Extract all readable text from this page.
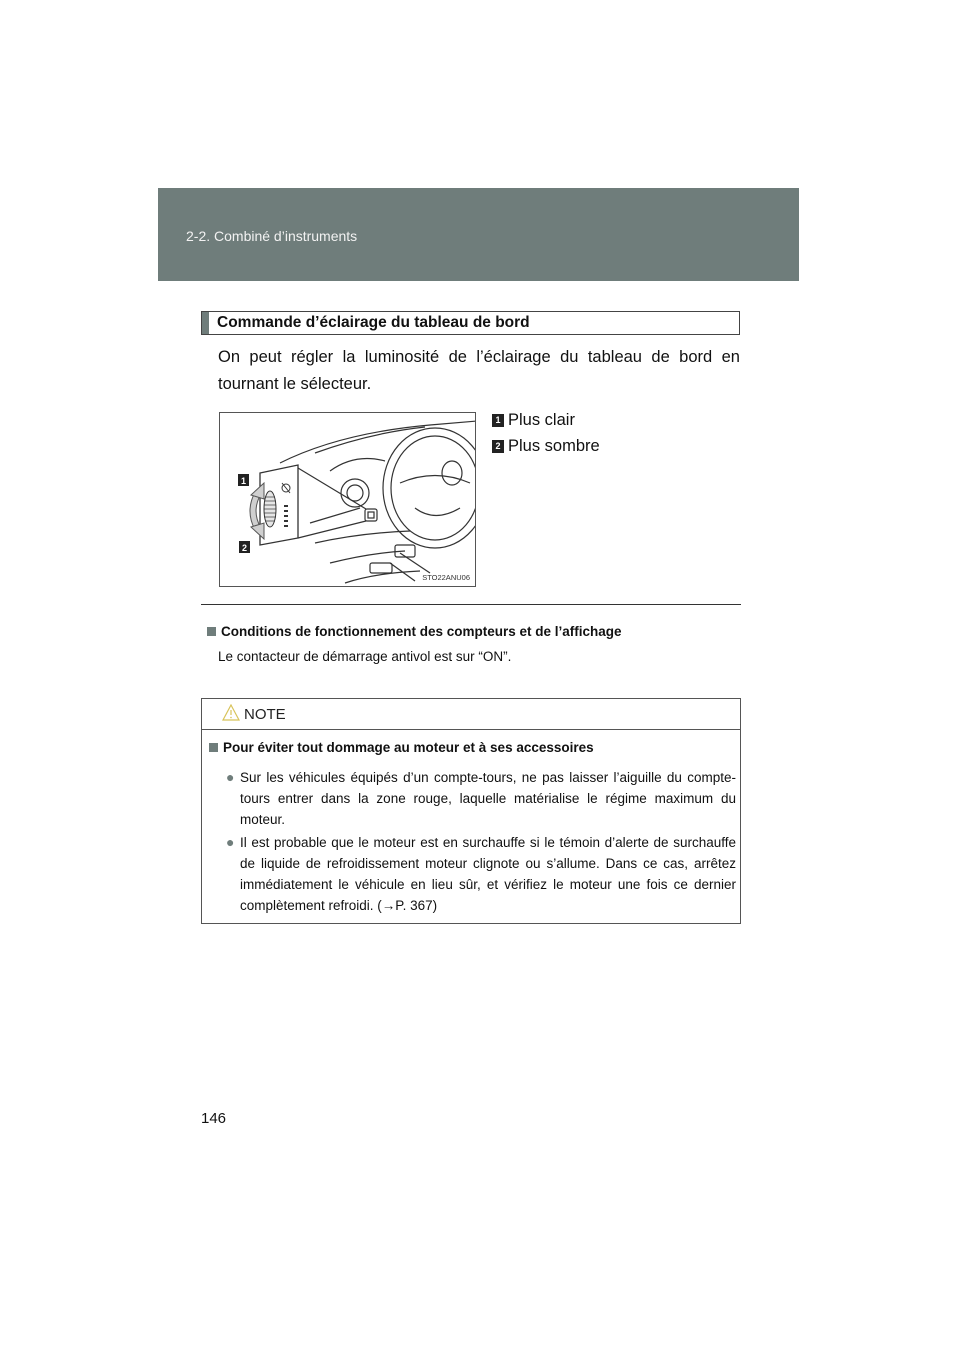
2-2. Combiné d’instruments
Commande d’éclairage du tableau de bord
On peut régler la luminosité de l’éclairage du tableau de bord en tournant le sélecteur.
1
2
STO22ANU06
1 Plus clair
2 Plus sombre
Conditions de fonctionnement des compteurs et de l’affichage
Le contacteur de démarrage antivol est sur “ON”.
NOTE
Pour éviter tout dommage au moteur et à ses accessoires
● Sur les véhicules équipés d’un compte-tours, ne pas laisser l’aiguille du compte-tours entrer dans la zone rouge, laquelle matérialise le régime maximum du moteur.
● Il est probable que le moteur est en surchauffe si le témoin d’alerte de surchauffe de liquide de refroidissement moteur clignote ou s’allume. Dans ce cas, arrêtez immédiatement le véhicule en lieu sûr, et vérifiez le moteur une fois ce dernier complètement refroidi. (→P. 367)
146
